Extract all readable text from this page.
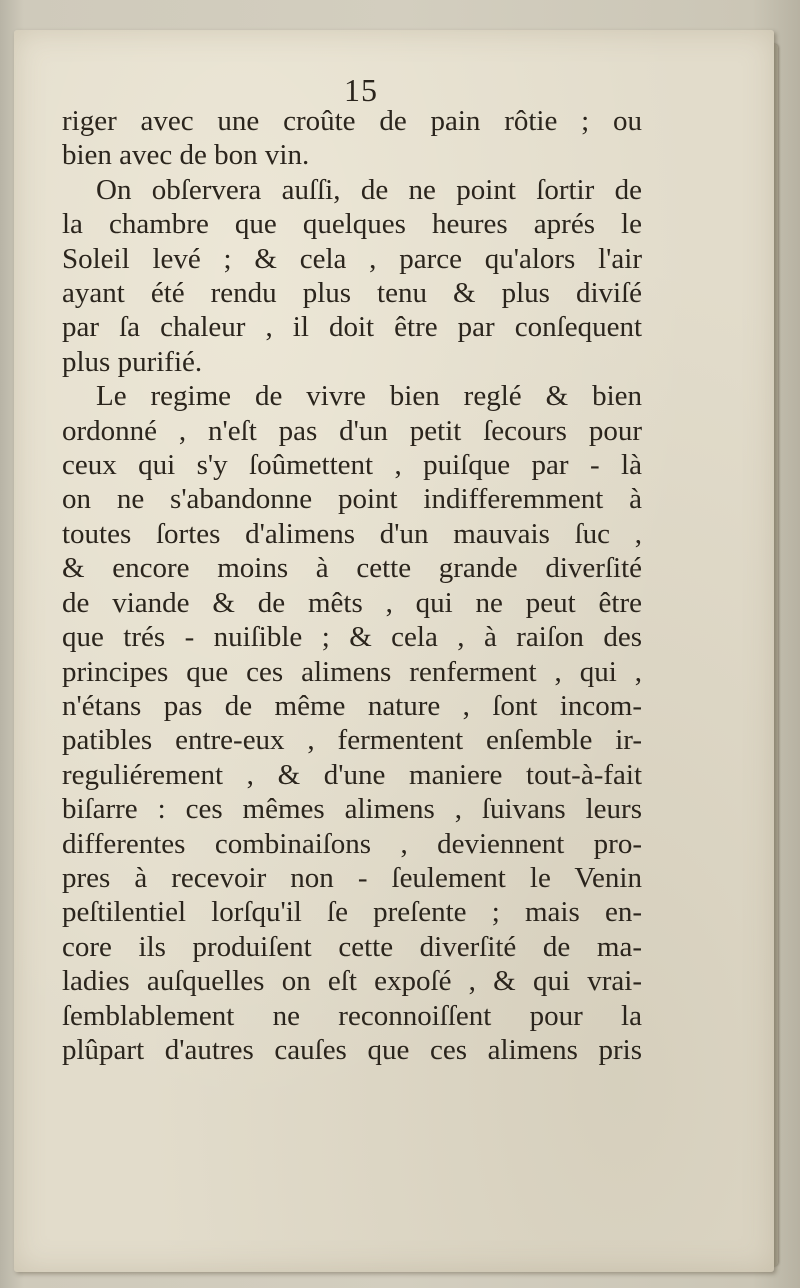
15
riger avec une croûte de pain rôtie ; ou
bien avec de bon vin.
On obſervera auſſi, de ne point ſortir de
la chambre que quelques heures aprés le
Soleil levé ; & cela , parce qu'alors l'air
ayant été rendu plus tenu & plus diviſé
par ſa chaleur , il doit être par conſequent
plus purifié.
Le regime de vivre bien reglé & bien
ordonné , n'eſt pas d'un petit ſecours pour
ceux qui s'y ſoûmettent , puiſque par - là
on ne s'abandonne point indifferemment à
toutes ſortes d'alimens d'un mauvais ſuc ,
& encore moins à cette grande diverſité
de viande & de mêts , qui ne peut être
que trés - nuiſible ; & cela , à raiſon des
principes que ces alimens renferment , qui ,
n'étans pas de même nature , ſont incom-
patibles entre-eux , fermentent enſemble ir-
reguliérement , & d'une maniere tout-à-fait
biſarre : ces mêmes alimens , ſuivans leurs
differentes combinaiſons , deviennent pro-
pres à recevoir non - ſeulement le Venin
peſtilentiel lorſqu'il ſe preſente ; mais en-
core ils produiſent cette diverſité de ma-
ladies auſquelles on eſt expoſé , & qui vrai-
ſemblablement ne reconnoiſſent pour la
plûpart d'autres cauſes que ces alimens pris
